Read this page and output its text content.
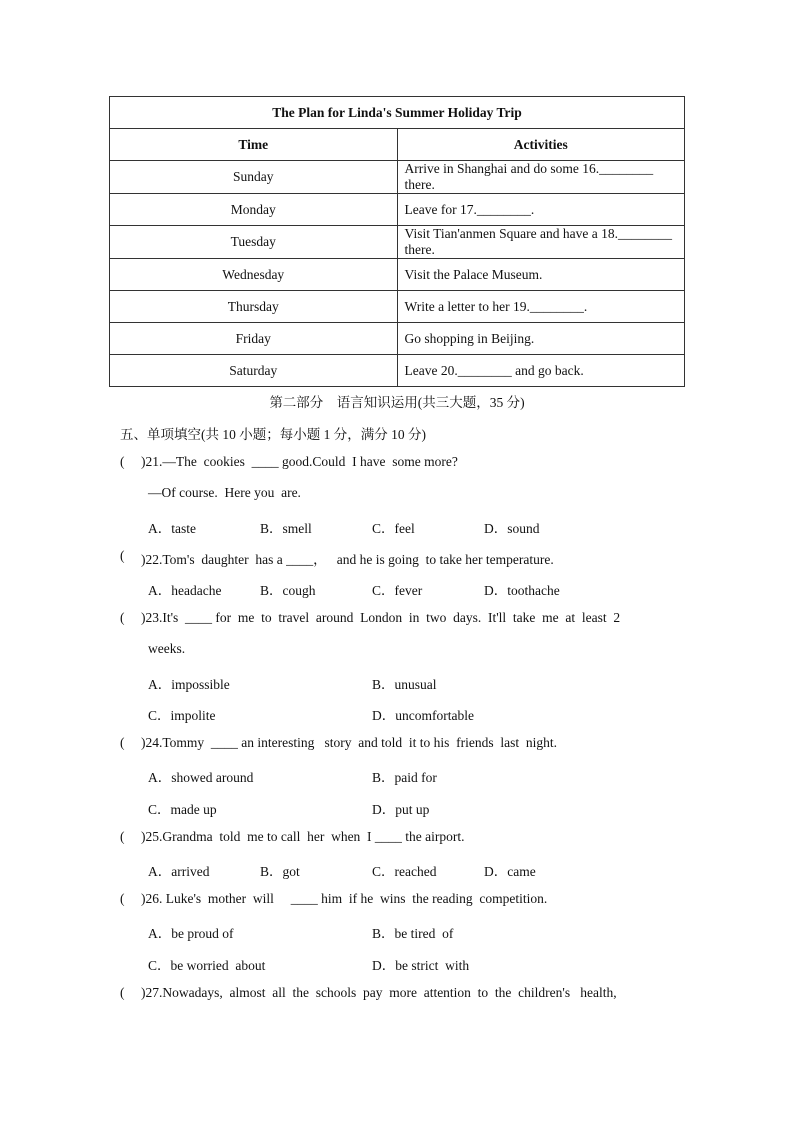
The Plan for Linda's Summer Holiday Trip	
Time	Activities
Sunday	Arrive in Shanghai and do some 16.________ there.
Monday	Leave for 17.________.
Tuesday	Visit Tian'anmen Square and have a 18.________ there.
Wednesday	Visit the Palace Museum.
Thursday	Write a letter to her 19.________.
Friday	Go shopping in Beijing.
Saturday	Leave 20.________ and go back.
第二部分    语言知识运用(共三大题，35 分)
五、单项填空(共 10 小题；每小题 1 分，满分 10 分)
( )21.—The  cookies  ____ good.Could  I have  some more?
—Of course.  Here you  are.
A．taste	B．smell	C．feel	D．sound
( )22.Tom's  daughter  has a ____，   and he is going  to take her temperature.
A．headache	B．cough	C．fever	D．toothache
( )23.It's  ____ for  me  to  travel  around  London  in  two  days.  It'll  take  me  at  least  2
weeks.
A．impossible	B．unusual
C．impolite	D．uncomfortable
( )24.Tommy  ____ an interesting   story  and told  it to his  friends  last  night.
A．showed around	B．paid for
C．made up	D．put up
( )25.Grandma  told  me to call  her  when  I ____ the airport.
A．arrived	B．got	C．reached	D．came
( )26. Luke's  mother  will     ____ him  if he  wins  the reading  competition.
A．be proud of	B．be tired  of
C．be worried  about	D．be strict  with
( )27.Nowadays,  almost  all  the  schools  pay  more  attention  to  the  children's   health,
